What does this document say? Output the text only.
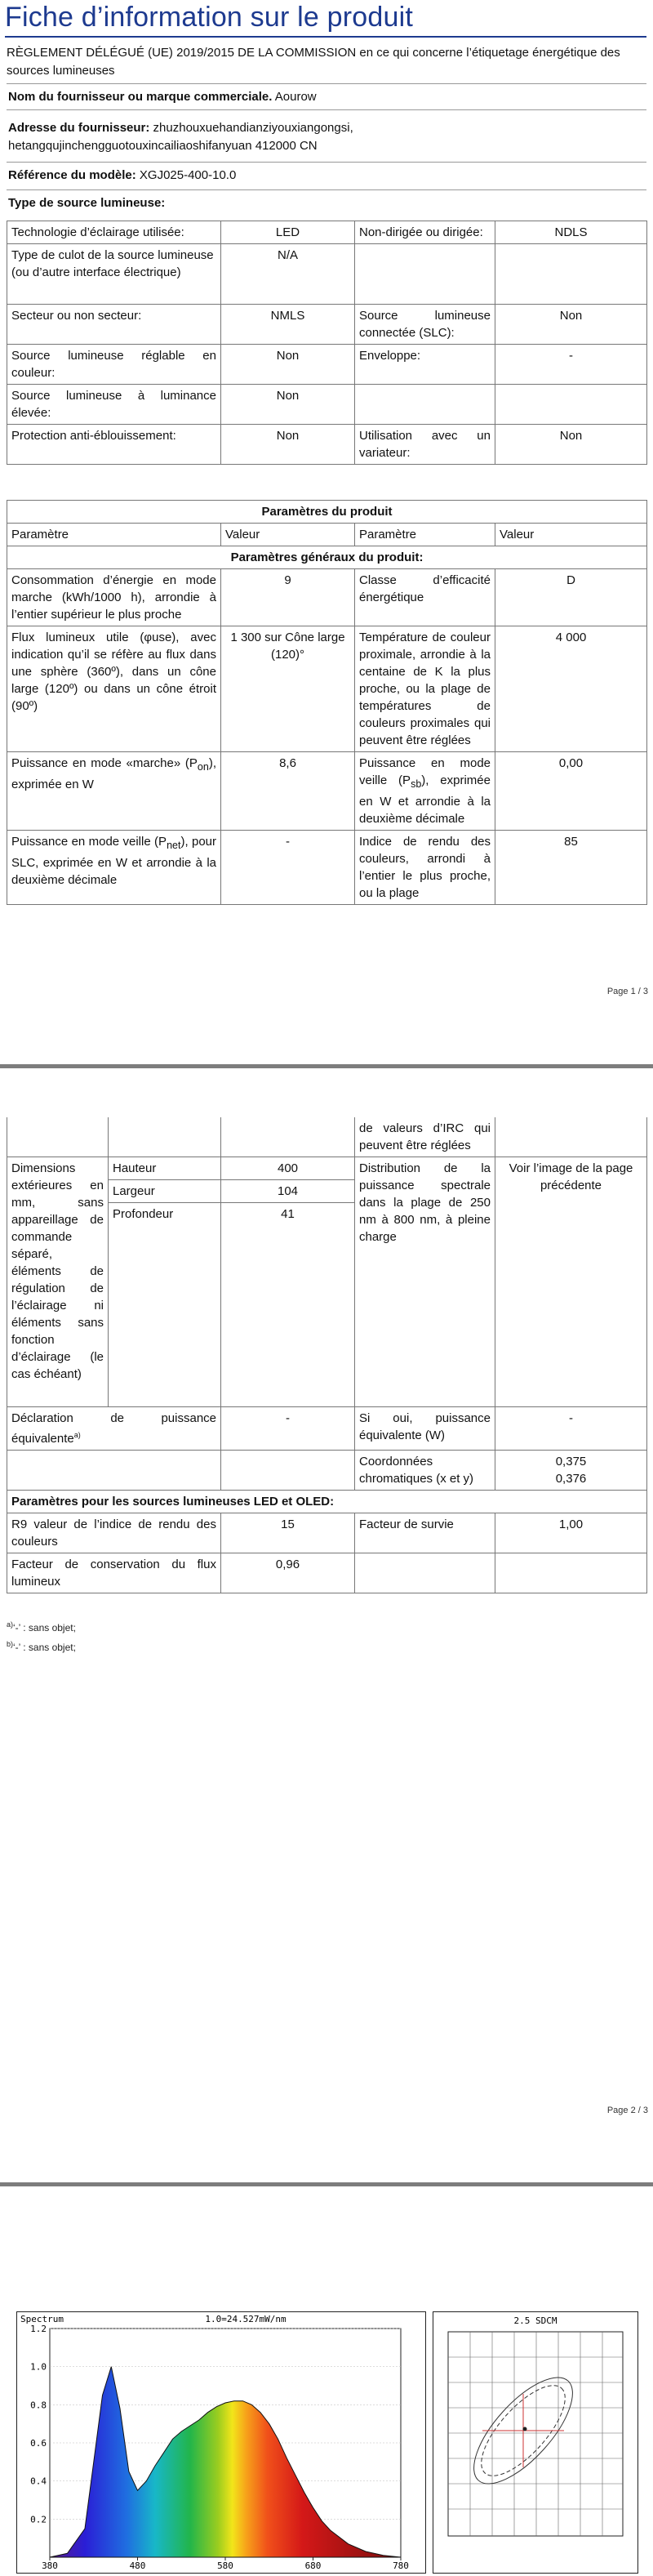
Fiche d’information sur le produit
RÈGLEMENT DÉLÉGUÉ (UE) 2019/2015 DE LA COMMISSION en ce qui concerne l’étiquetage énergétique des sources lumineuses
Nom du fournisseur ou marque commerciale. Aourow
Adresse du fournisseur: zhuzhouxuehandianziyouxiangongsi,
hetangqujinchengguotouxincailiaoshifanyuan 412000 CN
Référence du modèle: XGJ025-400-10.0
Type de source lumineuse:
Technologie d’éclairage utilisée:	LED	Non-dirigée ou dirigée:	NDLS
Type de culot de la source lumineuse
(ou d’autre interface électrique)	N/A		
Secteur ou non secteur:	NMLS	Source lumineuse connectée (SLC):	Non
Source lumineuse réglable en couleur:	Non	Enveloppe:	-
Source lumineuse à luminance élevée:	Non		
Protection anti-éblouissement:	Non	Utilisation avec un variateur:	Non
Paramètres du produit			
Paramètre	Valeur	Paramètre	Valeur
Paramètres généraux du produit:			
Consommation d’énergie en mode marche (kWh/1000 h), arrondie à l’entier supérieur le plus proche	9	Classe d’efficacité énergétique	D
Flux lumineux utile (φuse), avec indication qu’il se réfère au flux dans une sphère (360º), dans un cône large (120º) ou dans un cône étroit (90º)	1 300 sur Cône large (120)°	Température de couleur proximale, arrondie à la centaine de K la plus proche, ou la plage de températures de couleurs proximales qui peuvent être réglées	4 000
Puissance en mode «marche» $(P_{on})$, exprimée en W	8,6	Puissance en mode veille $(P_{sb})$, exprimée en W et arrondie à la deuxième décimale	0,00
Puissance en mode veille $(P_{net})$, pour SLC, exprimée en W et arrondie à la deuxième décimale	-	Indice de rendu des couleurs, arrondi à l’entier le plus proche, ou la plage	85
Page 1 / 3
			de valeurs d’IRC qui peuvent être réglées	
Dimensions extérieures en mm, sans appareillage de commande séparé, éléments de régulation de l’éclairage ni éléments sans fonction d’éclairage (le cas échéant)	Hauteur	400	Distribution de la puissance spectrale dans la plage de 250 nm à 800 nm, à pleine charge	Voir l’image de la page précédente
	Largeur	104		
	Profondeur	41		
Déclaration de puissance équivalente$^{a)}$		-	Si oui, puissance équivalente (W)	-
			Coordonnées chromatiques (x et y)	0,375
0,376
Paramètres pour les sources lumineuses LED et OLED:				
R9 valeur de l’indice de rendu des couleurs		15	Facteur de survie	1,00
Facteur de conservation du flux lumineux		0,96		
$^{a)}$‘-’ : sans objet;
$^{b)}$‘-’ : sans objet;
Page 2 / 3
Spectrum	1.0=24.527mW/nm
1.2
1.0
0.8
0.6
0.4
0.2
380	480	580	680	780
2.5 SDCM
